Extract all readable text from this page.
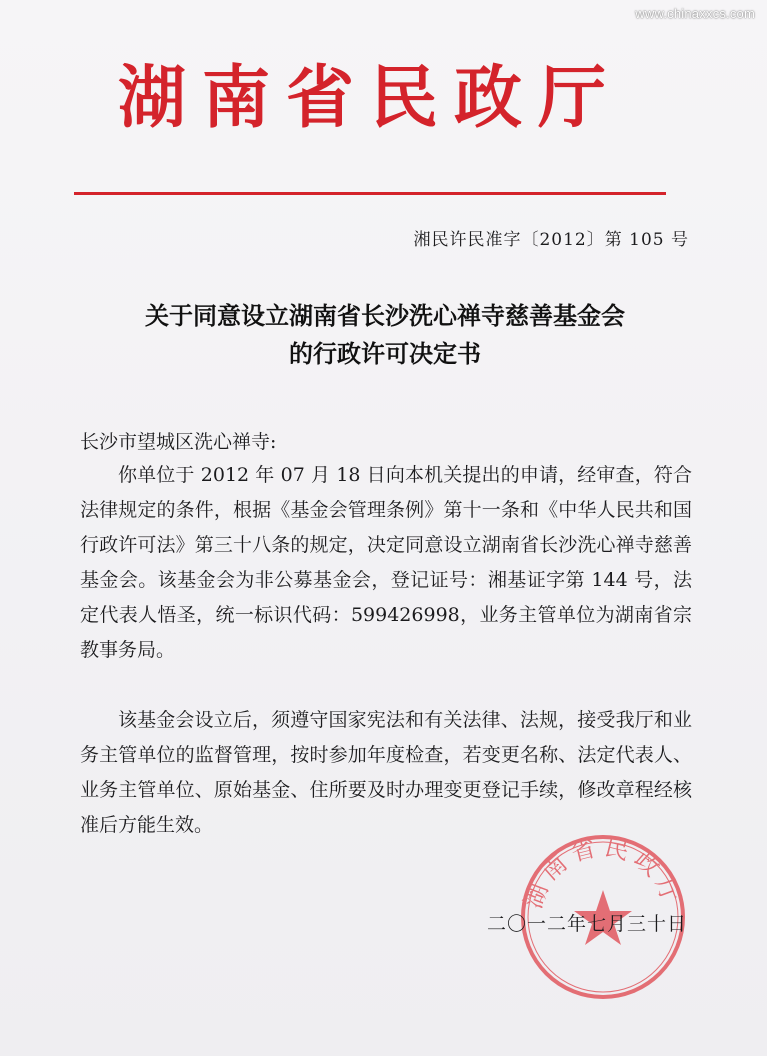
www.chinaxxcs.com
湖南省民政厅
湘民许民准字〔2012〕第 105 号
关于同意设立湖南省长沙洗心禅寺慈善基金会
的行政许可决定书
长沙市望城区洗心禅寺:
你单位于 2012 年 07 月 18 日向本机关提出的申请，经审查，符合法律规定的条件，根据《基金会管理条例》第十一条和《中华人民共和国行政许可法》第三十八条的规定，决定同意设立湖南省长沙洗心禅寺慈善基金会。该基金会为非公募基金会，登记证号：湘基证字第 144 号，法定代表人悟圣，统一标识代码：599426998，业务主管单位为湖南省宗教事务局。
该基金会设立后，须遵守国家宪法和有关法律、法规，接受我厅和业务主管单位的监督管理，按时参加年度检查，若变更名称、法定代表人、业务主管单位、原始基金、住所要及时办理变更登记手续，修改章程经核准后方能生效。
湖南省民政厅
二〇一二年七月三十日
